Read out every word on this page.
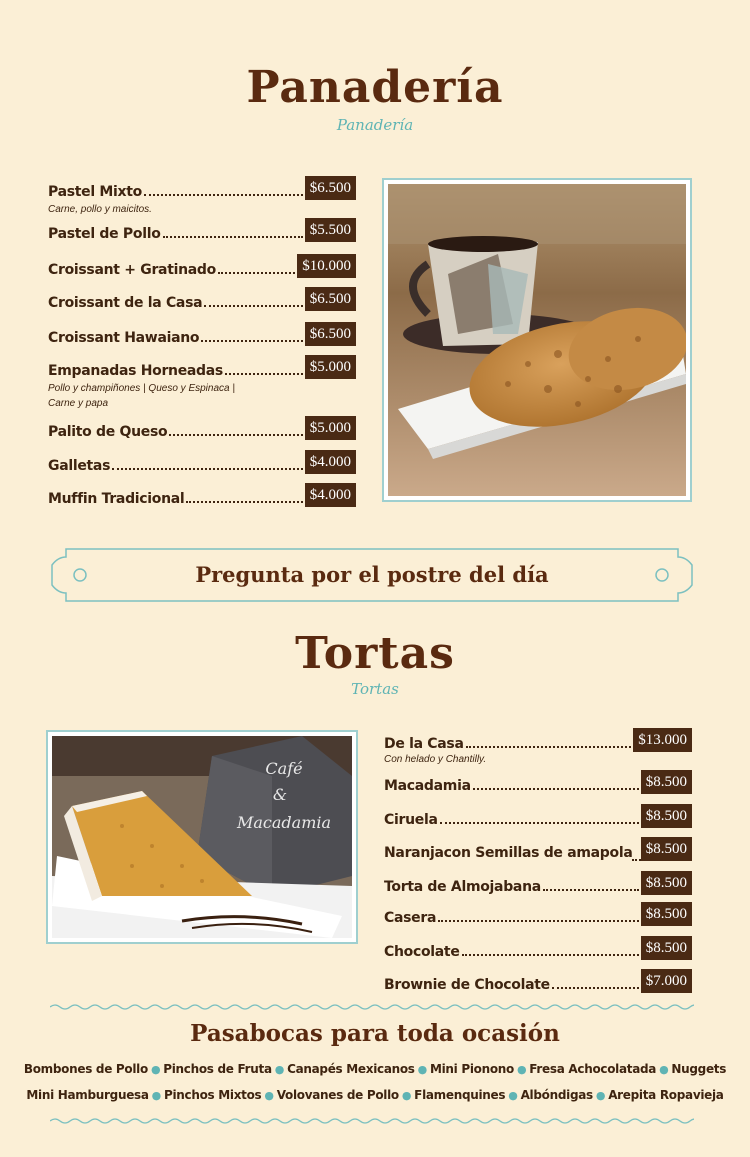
Panadería
Panadería
Pastel Mixto	$6.500
Carne, pollo y maicitos.
Pastel de Pollo	$5.500
Croissant + Gratinado	$10.000
Croissant de la Casa	$6.500
Croissant Hawaiano	$6.500
Empanadas Horneadas	$5.000
Pollo y champiñones | Queso y Espinaca |
Carne y papa
Palito de Queso	$5.000
Galletas	$4.000
Muffin Tradicional	$4.000
Pregunta por el postre del día
Tortas
Tortas
Café
&
Macadamia
De la Casa	$13.000
Con helado y Chantilly.
Macadamia	$8.500
Ciruela	$8.500
Naranja con Semillas de amapola $8.500
Torta de Almojabana	$8.500
Casera	$8.500
Chocolate	$8.500
Brownie de Chocolate	$7.000
Pasabocas para toda ocasión
Bombones de Pollo ● Pinchos de Fruta ● Canapés Mexicanos ● Mini Pionono ● Fresa Achocolatada ● Nuggets
Mini Hamburguesa ● Pinchos Mixtos ● Volovanes de Pollo ● Flamenquines ● Albóndigas ● Arepita Ropavieja
